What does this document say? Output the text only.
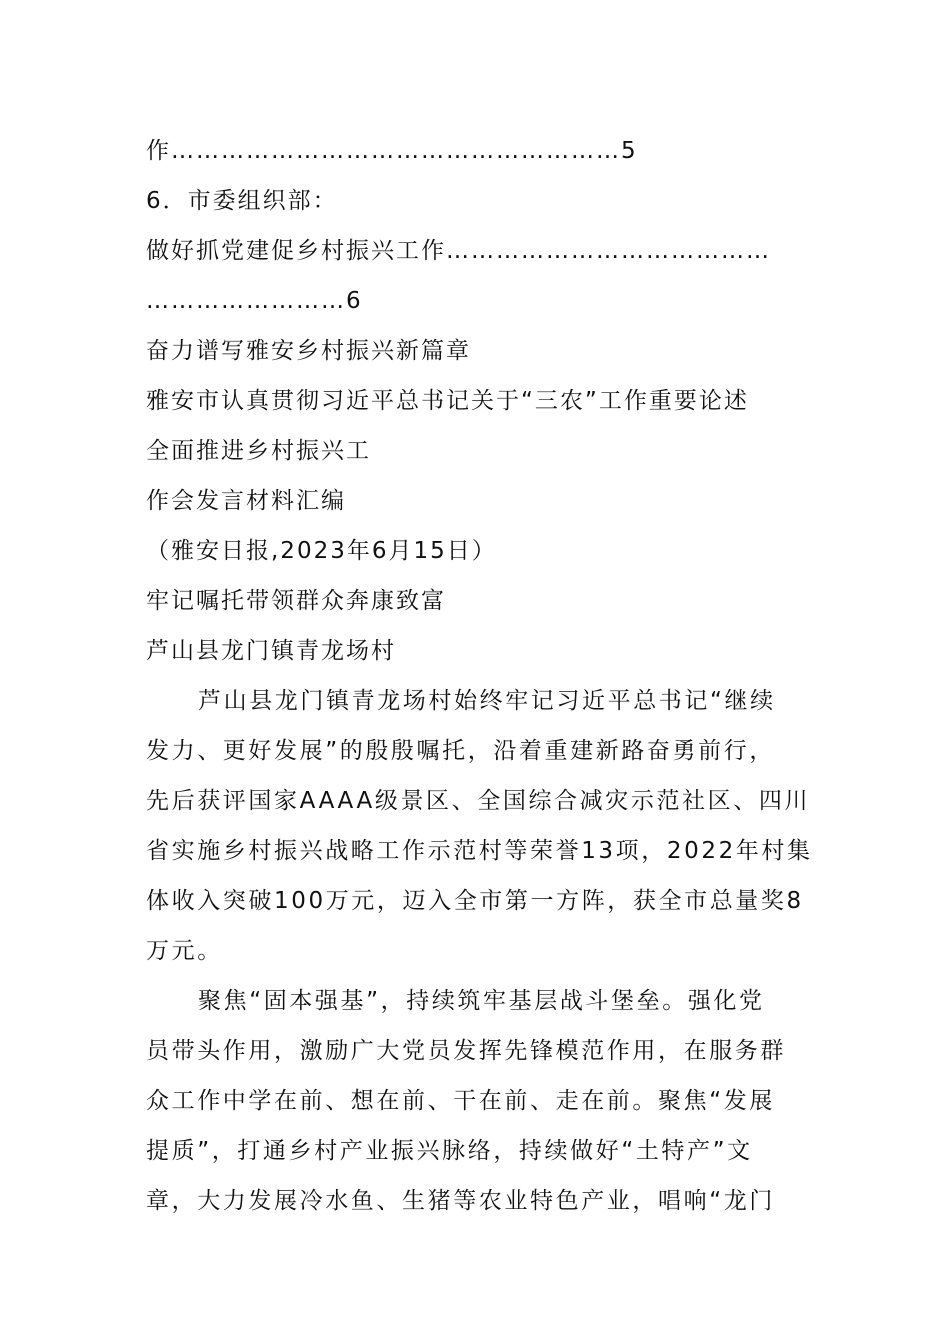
作………………………………………………5
6．市委组织部：
做好抓党建促乡村振兴工作…………………………………
……………………6
奋力谱写雅安乡村振兴新篇章
雅安市认真贯彻习近平总书记关于“三农”工作重要论述
全面推进乡村振兴工
作会发言材料汇编
（雅安日报,2023年6月15日）
牢记嘱托带领群众奔康致富
芦山县龙门镇青龙场村
芦山县龙门镇青龙场村始终牢记习近平总书记“继续
发力、更好发展”的殷殷嘱托，沿着重建新路奋勇前行，
先后获评国家AAAA级景区、全国综合减灾示范社区、四川
省实施乡村振兴战略工作示范村等荣誉13项，2022年村集
体收入突破100万元，迈入全市第一方阵，获全市总量奖8
万元。
聚焦“固本强基”，持续筑牢基层战斗堡垒。强化党
员带头作用，激励广大党员发挥先锋模范作用，在服务群
众工作中学在前、想在前、干在前、走在前。聚焦“发展
提质”，打通乡村产业振兴脉络，持续做好“土特产”文
章，大力发展冷水鱼、生猪等农业特色产业，唱响“龙门
